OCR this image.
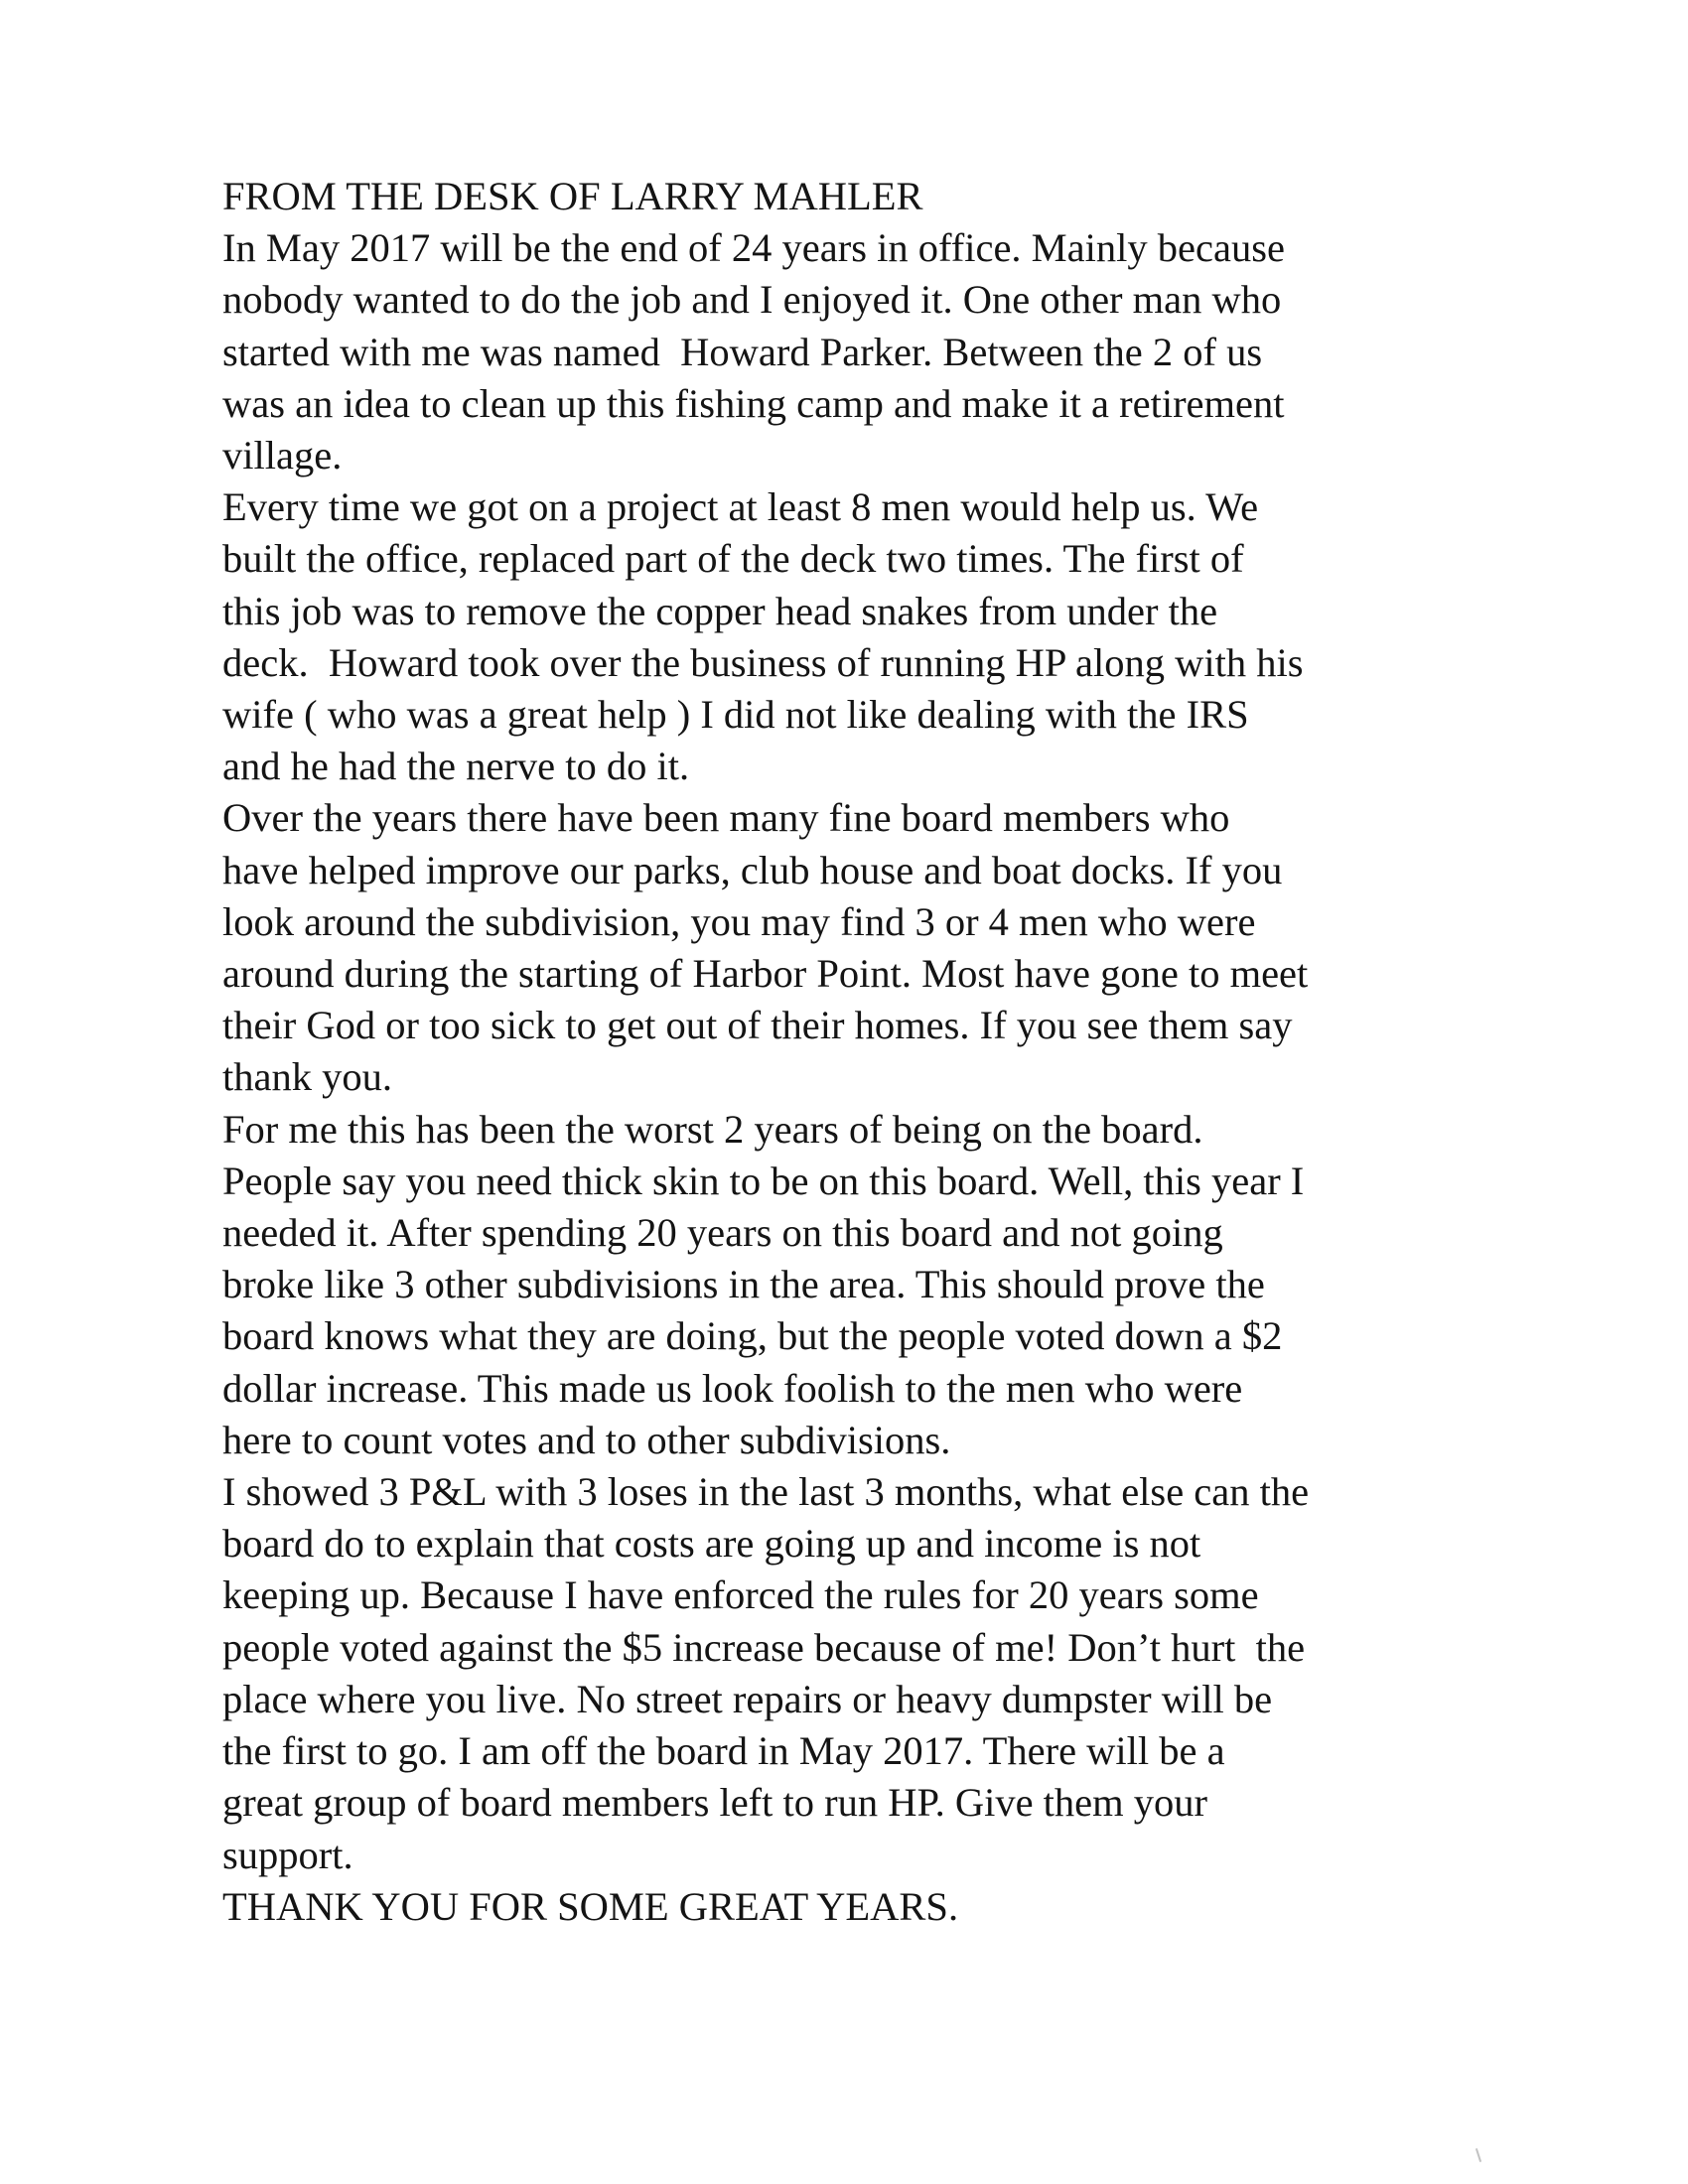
FROM THE DESK OF LARRY MAHLER
In May 2017 will be the end of 24 years in office. Mainly because
nobody wanted to do the job and I enjoyed it. One other man who
started with me was named  Howard Parker. Between the 2 of us
was an idea to clean up this fishing camp and make it a retirement
village.
Every time we got on a project at least 8 men would help us. We
built the office, replaced part of the deck two times. The first of
this job was to remove the copper head snakes from under the
deck.  Howard took over the business of running HP along with his
wife ( who was a great help ) I did not like dealing with the IRS
and he had the nerve to do it.
Over the years there have been many fine board members who
have helped improve our parks, club house and boat docks. If you
look around the subdivision, you may find 3 or 4 men who were
around during the starting of Harbor Point. Most have gone to meet
their God or too sick to get out of their homes. If you see them say
thank you.
For me this has been the worst 2 years of being on the board.
People say you need thick skin to be on this board. Well, this year I
needed it. After spending 20 years on this board and not going
broke like 3 other subdivisions in the area. This should prove the
board knows what they are doing, but the people voted down a $2
dollar increase. This made us look foolish to the men who were
here to count votes and to other subdivisions.
I showed 3 P&L with 3 loses in the last 3 months, what else can the
board do to explain that costs are going up and income is not
keeping up. Because I have enforced the rules for 20 years some
people voted against the $5 increase because of me! Don’t hurt  the
place where you live. No street repairs or heavy dumpster will be
the first to go. I am off the board in May 2017. There will be a
great group of board members left to run HP. Give them your
support.
THANK YOU FOR SOME GREAT YEARS.
